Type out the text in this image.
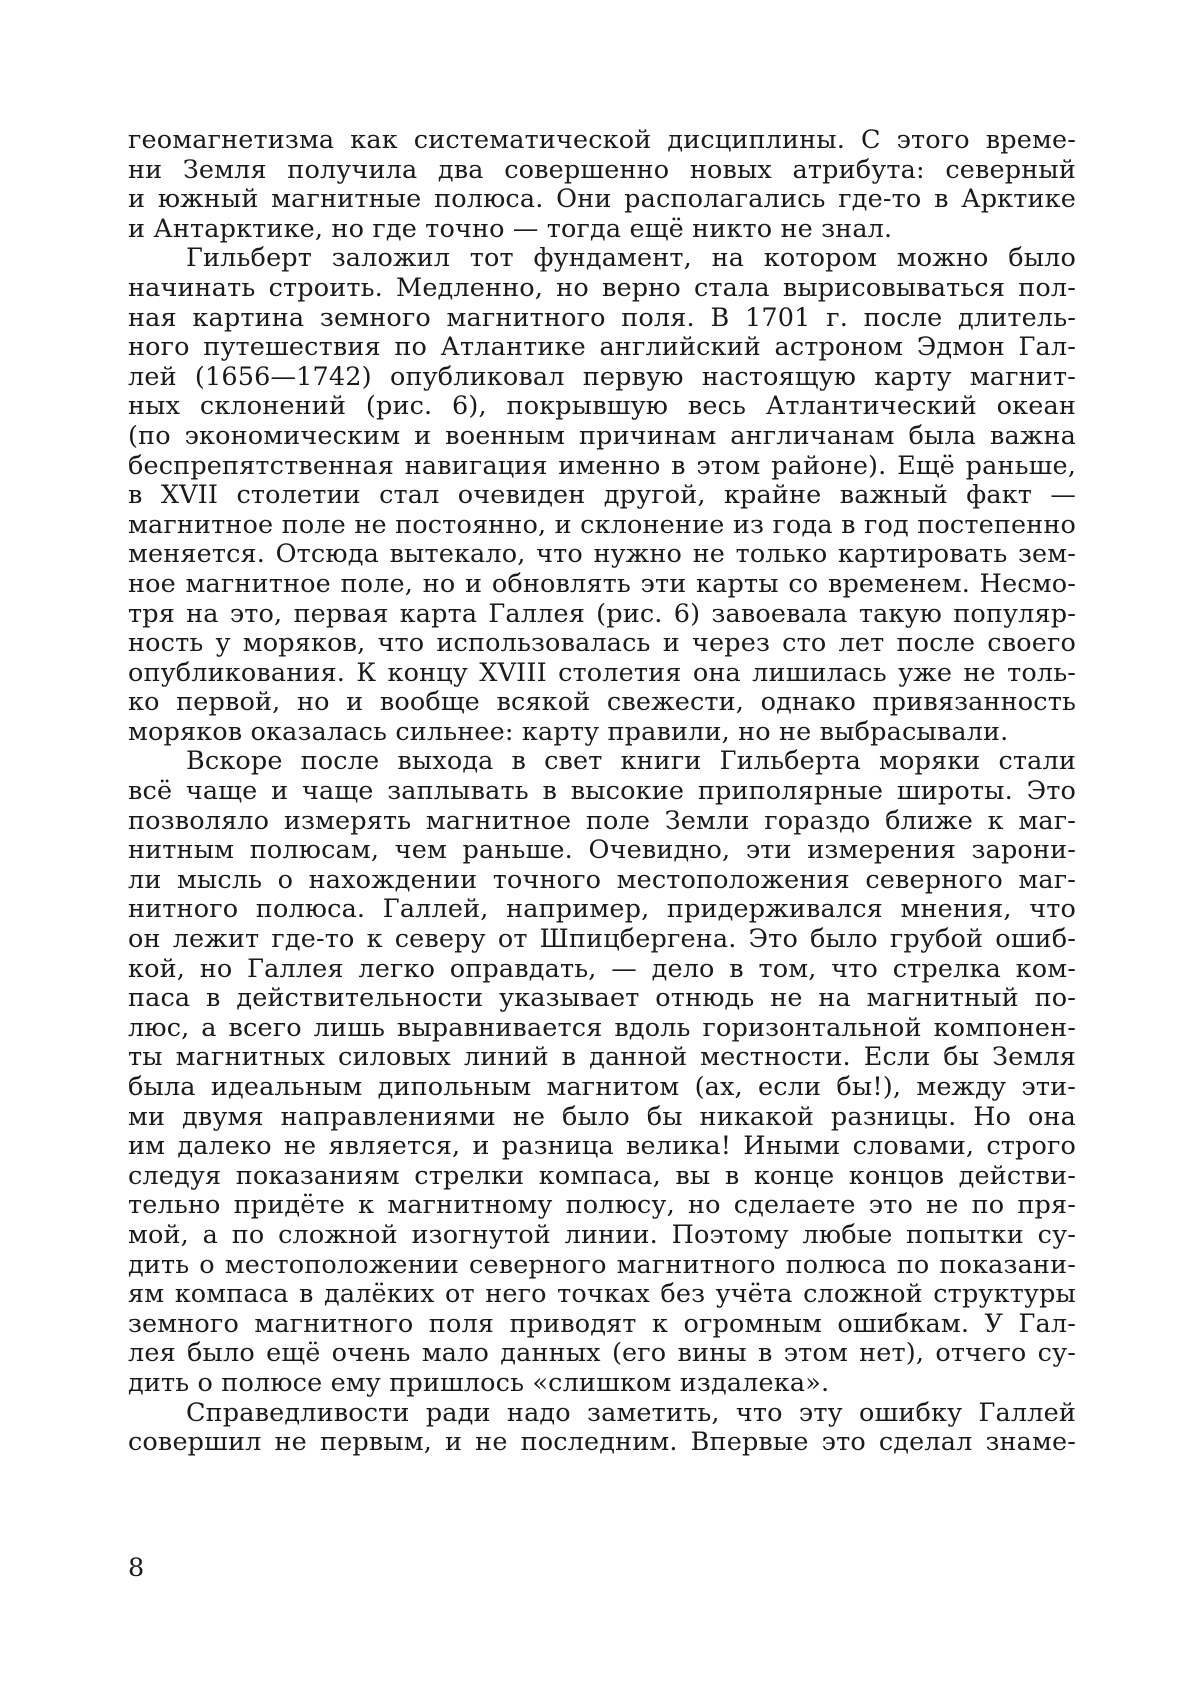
геомагнетизма как систематической дисциплины. С этого време-
ни Земля получила два совершенно новых атрибута: северный
и южный магнитные полюса. Они располагались где-то в Арктике
и Антарктике, но где точно — тогда ещё никто не знал.
Гильберт заложил тот фундамент, на котором можно было
начинать строить. Медленно, но верно стала вырисовываться пол-
ная картина земного магнитного поля. В 1701 г. после длитель-
ного путешествия по Атлантике английский астроном Эдмон Гал-
лей (1656—1742) опубликовал первую настоящую карту магнит-
ных склонений (рис. 6), покрывшую весь Атлантический океан
(по экономическим и военным причинам англичанам была важна
беспрепятственная навигация именно в этом районе). Ещё раньше,
в XVII столетии стал очевиден другой, крайне важный факт —
магнитное поле не постоянно, и склонение из года в год постепенно
меняется. Отсюда вытекало, что нужно не только картировать зем-
ное магнитное поле, но и обновлять эти карты со временем. Несмо-
тря на это, первая карта Галлея (рис. 6) завоевала такую популяр-
ность у моряков, что использовалась и через сто лет после своего
опубликования. К концу XVIII столетия она лишилась уже не толь-
ко первой, но и вообще всякой свежести, однако привязанность
моряков оказалась сильнее: карту правили, но не выбрасывали.
Вскоре после выхода в свет книги Гильберта моряки стали
всё чаще и чаще заплывать в высокие приполярные широты. Это
позволяло измерять магнитное поле Земли гораздо ближе к маг-
нитным полюсам, чем раньше. Очевидно, эти измерения зарони-
ли мысль о нахождении точного местоположения северного маг-
нитного полюса. Галлей, например, придерживался мнения, что
он лежит где-то к северу от Шпицбергена. Это было грубой ошиб-
кой, но Галлея легко оправдать, — дело в том, что стрелка ком-
паса в действительности указывает отнюдь не на магнитный по-
люс, а всего лишь выравнивается вдоль горизонтальной компонен-
ты магнитных силовых линий в данной местности. Если бы Земля
была идеальным дипольным магнитом (ах, если бы!), между эти-
ми двумя направлениями не было бы никакой разницы. Но она
им далеко не является, и разница велика! Иными словами, строго
следуя показаниям стрелки компаса, вы в конце концов действи-
тельно придёте к магнитному полюсу, но сделаете это не по пря-
мой, а по сложной изогнутой линии. Поэтому любые попытки су-
дить о местоположении северного магнитного полюса по показани-
ям компаса в далёких от него точках без учёта сложной структуры
земного магнитного поля приводят к огромным ошибкам. У Гал-
лея было ещё очень мало данных (его вины в этом нет), отчего су-
дить о полюсе ему пришлось «слишком издалека».
Справедливости ради надо заметить, что эту ошибку Галлей
совершил не первым, и не последним. Впервые это сделал знаме-
8
